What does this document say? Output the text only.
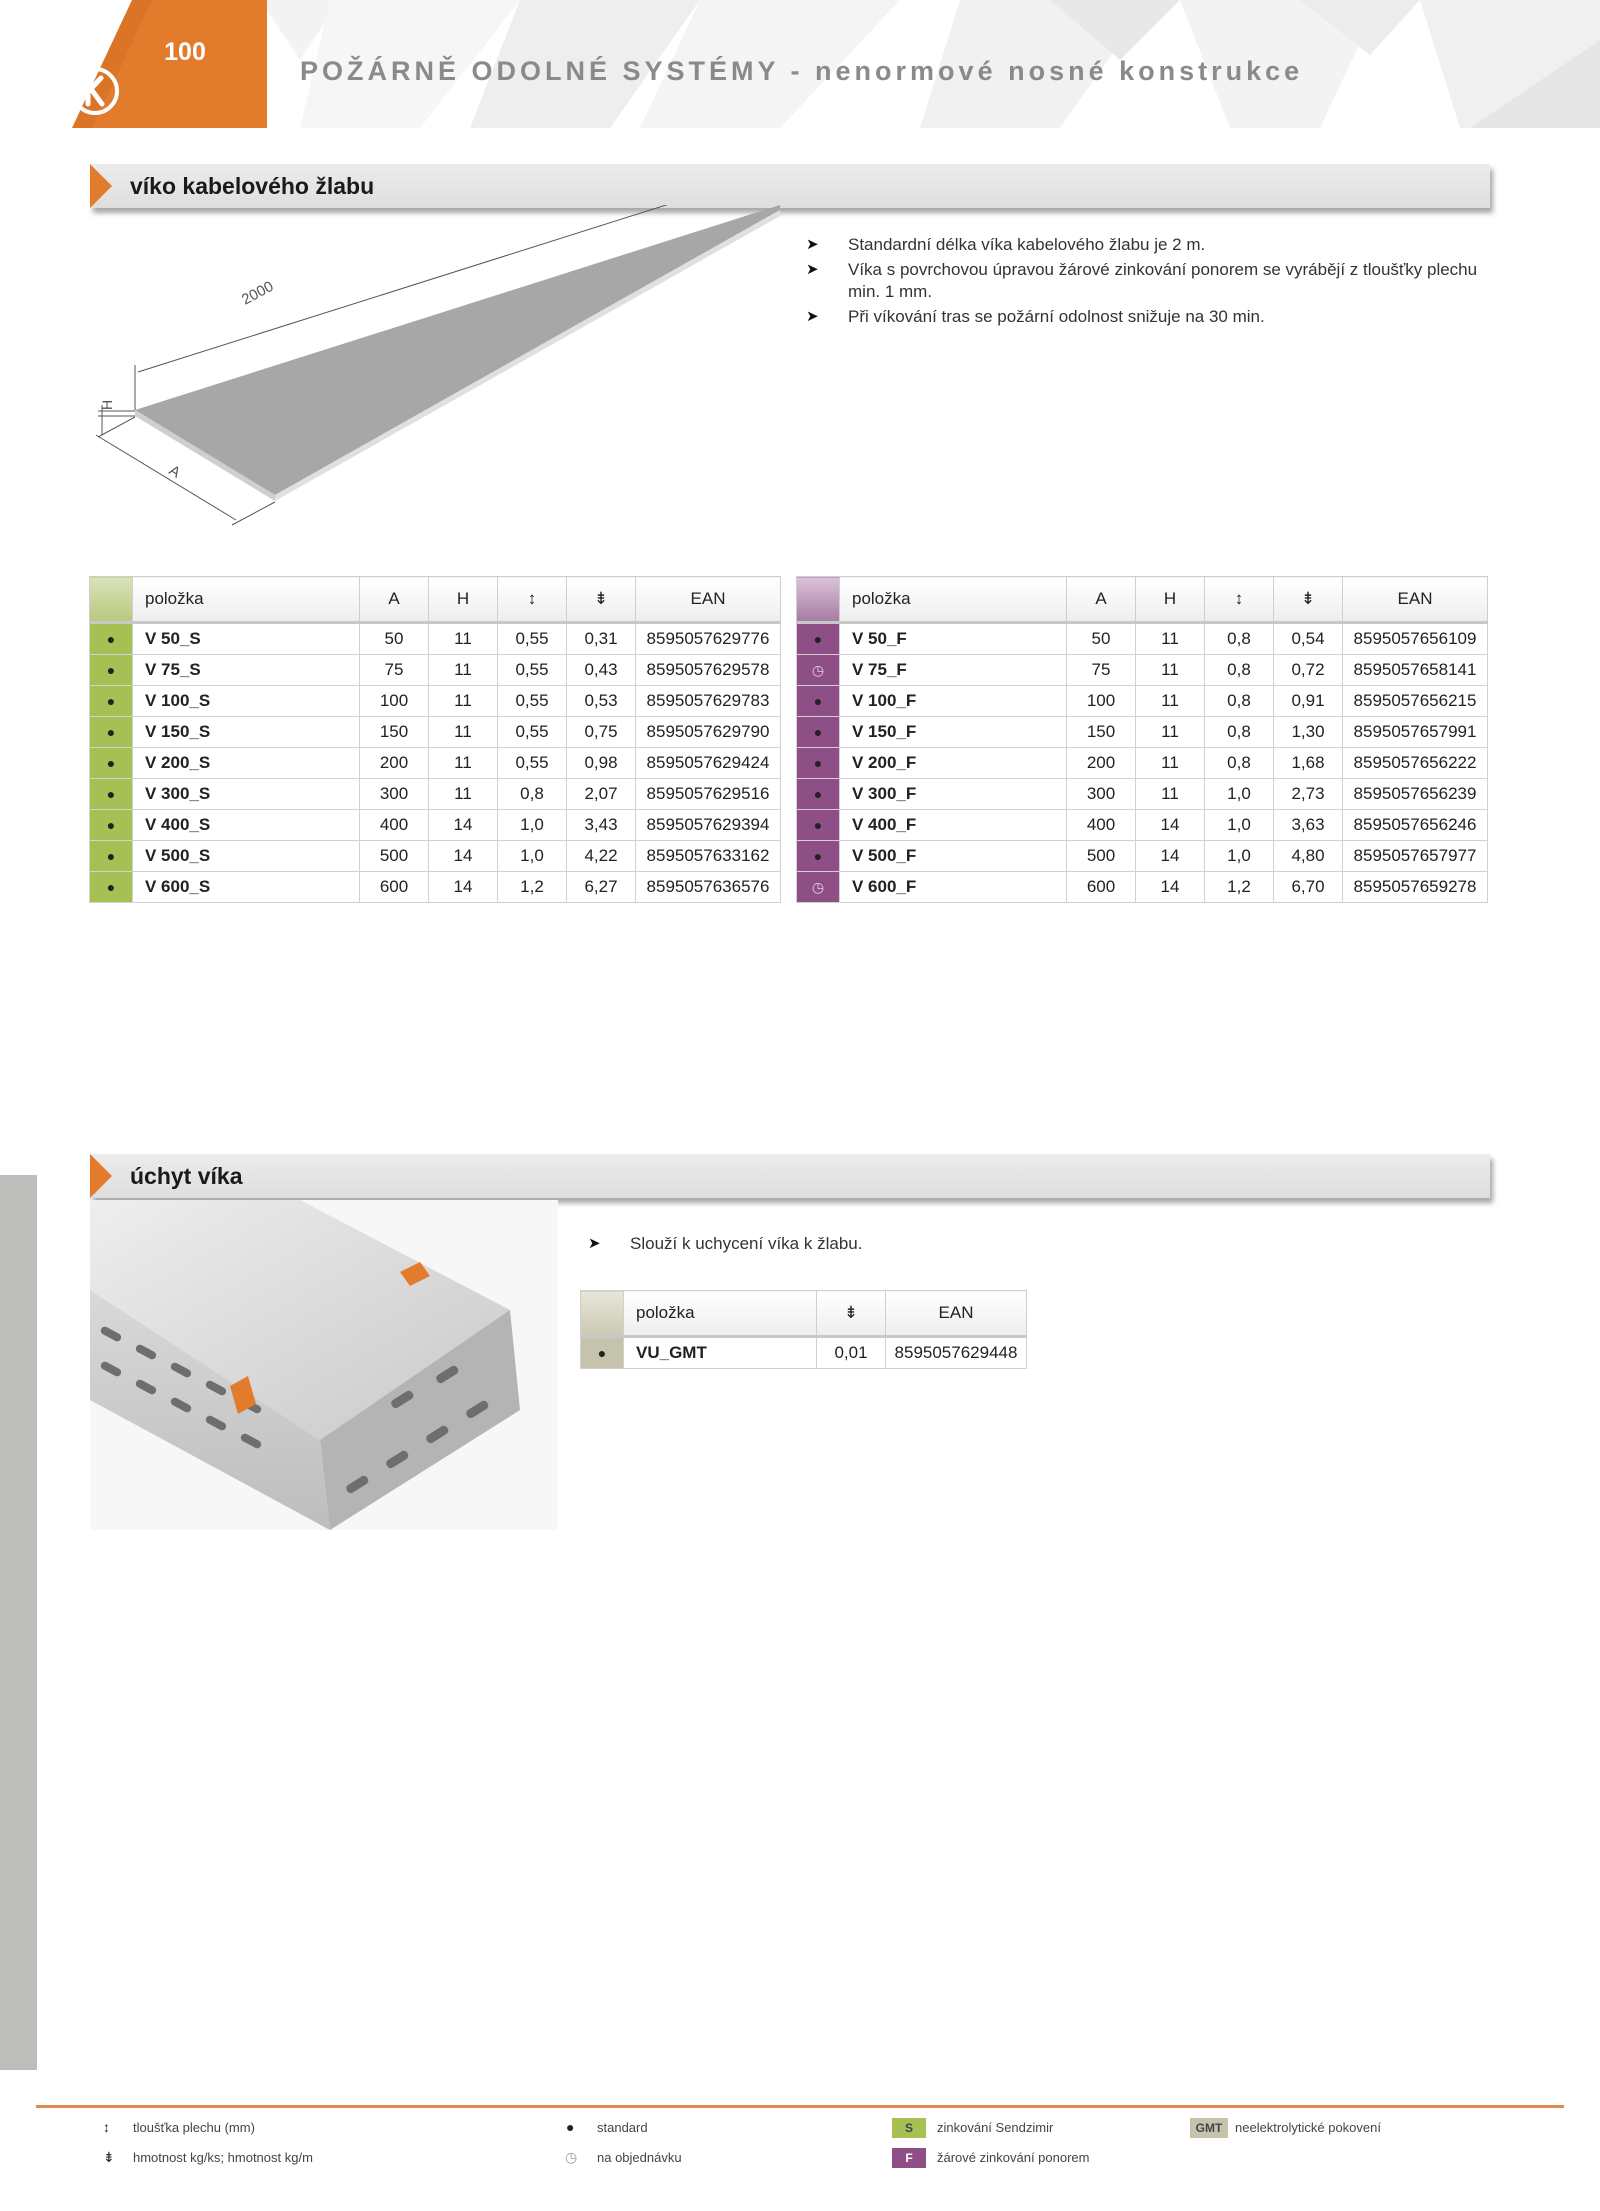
100
POŽÁRNĚ ODOLNÉ SYSTÉMY - nenormové nosné konstrukce
víko kabelového žlabu
2000
H
A
➤ Standardní délka víka kabelového žlabu je 2 m.
➤ Víka s povrchovou úpravou žárové zinkování ponorem se vyrábějí z tloušťky plechu min. 1 mm.
➤ Při víkování tras se požární odolnost snižuje na 30 min.
	položka	A	H	↕	⇟	EAN
●	V 50_S	50	11	0,55	0,31	8595057629776
●	V 75_S	75	11	0,55	0,43	8595057629578
●	V 100_S	100	11	0,55	0,53	8595057629783
●	V 150_S	150	11	0,55	0,75	8595057629790
●	V 200_S	200	11	0,55	0,98	8595057629424
●	V 300_S	300	11	0,8	2,07	8595057629516
●	V 400_S	400	14	1,0	3,43	8595057629394
●	V 500_S	500	14	1,0	4,22	8595057633162
●	V 600_S	600	14	1,2	6,27	8595057636576
	položka	A	H	↕	⇟	EAN
●	V 50_F	50	11	0,8	0,54	8595057656109
◷	V 75_F	75	11	0,8	0,72	8595057658141
●	V 100_F	100	11	0,8	0,91	8595057656215
●	V 150_F	150	11	0,8	1,30	8595057657991
●	V 200_F	200	11	0,8	1,68	8595057656222
●	V 300_F	300	11	1,0	2,73	8595057656239
●	V 400_F	400	14	1,0	3,63	8595057656246
●	V 500_F	500	14	1,0	4,80	8595057657977
◷	V 600_F	600	14	1,2	6,70	8595057659278
úchyt víka
➤ Slouží k uchycení víka k žlabu.
	položka	⇟	EAN
●	VU_GMT	0,01	8595057629448
↕ tloušťka plechu (mm)
⇟ hmotnost kg/ks; hmotnost kg/m
● standard
◷ na objednávku
S	zinkování Sendzimir
F	žárové zinkování ponorem
GMT neelektrolytické pokovení
